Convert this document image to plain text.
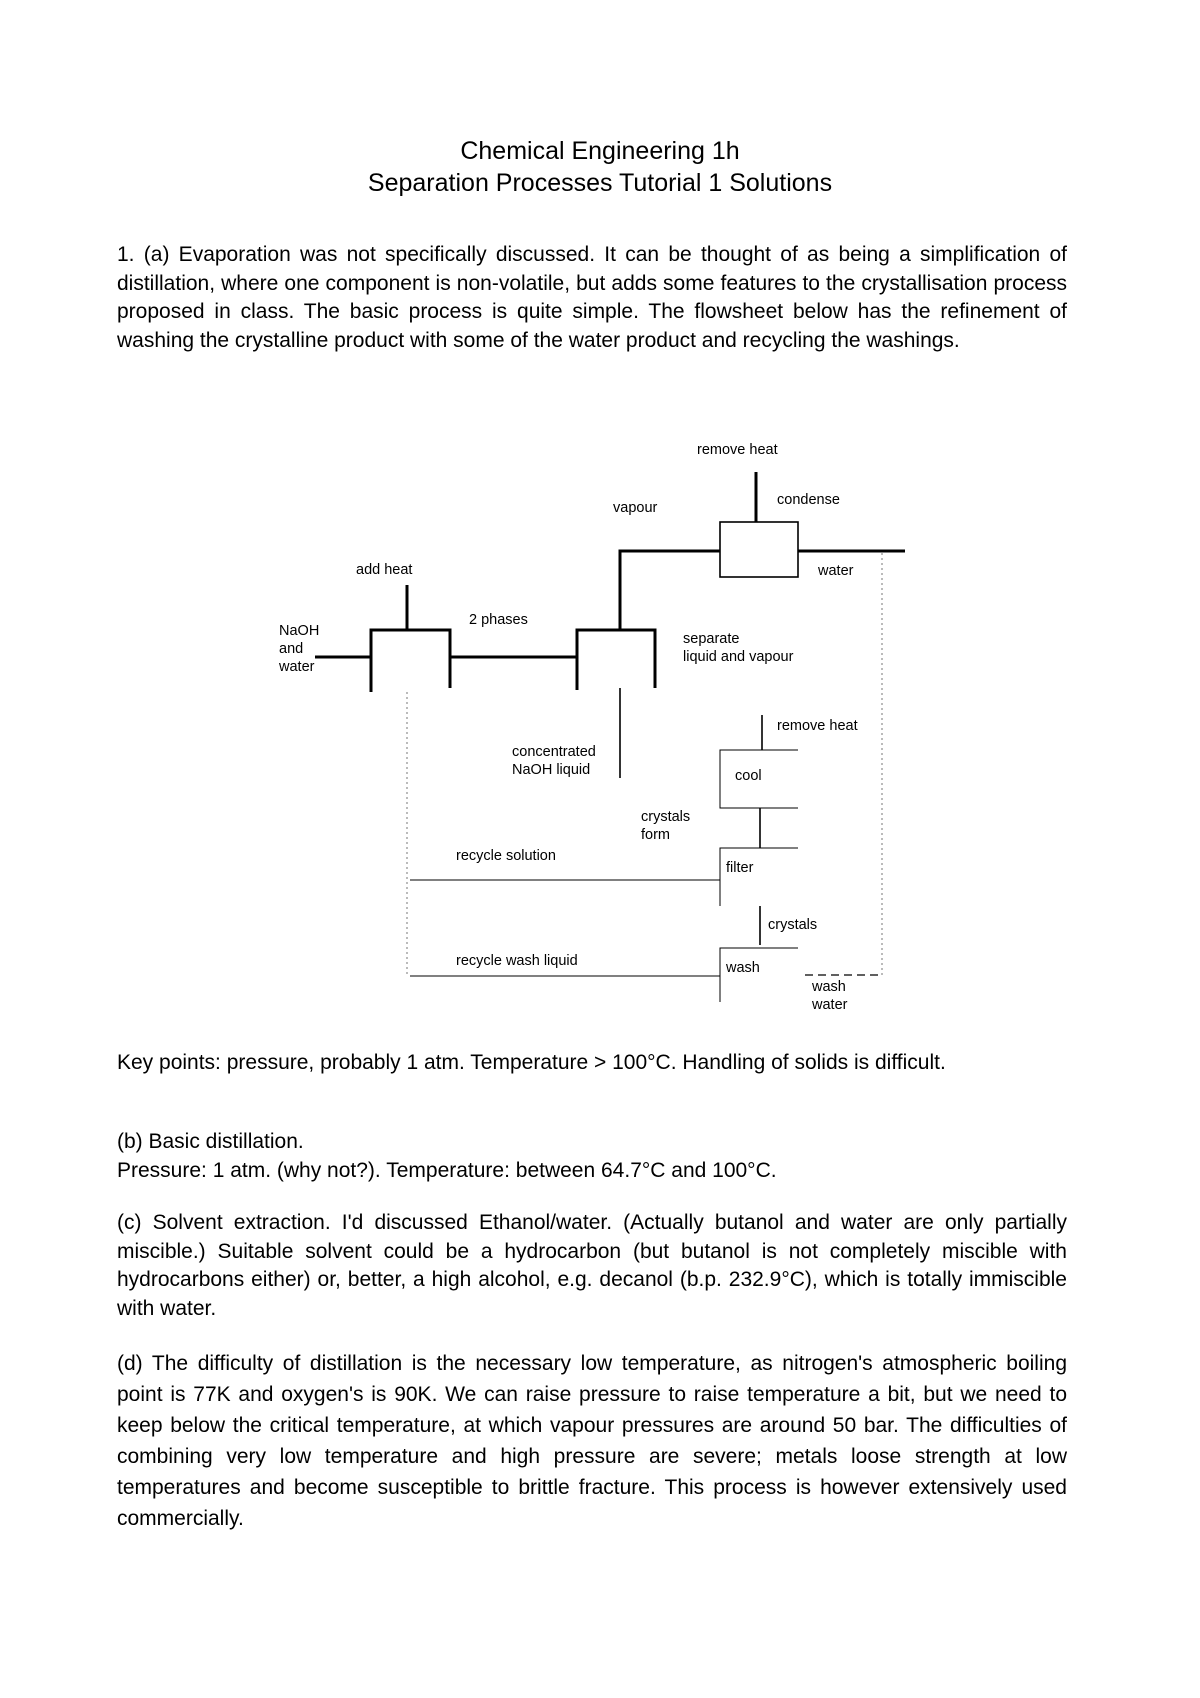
Chemical Engineering 1h
Separation Processes Tutorial 1 Solutions

1. (a) Evaporation was not specifically discussed. It can be thought of as being a simplification of distillation, where one component is non-volatile, but adds some features to the crystallisation process proposed in class. The basic process is quite simple. The flowsheet below has the refinement of washing the crystalline product with some of the water product and recycling the washings.

remove heat
condense
vapour
water
add heat
2 phases
NaOH
and
water
separate
liquid and vapour
remove heat
concentrated
NaOH liquid	cool
crystals
form
recycle solution
filter
crystals
recycle wash liquid	wash
wash
water

Key points: pressure, probably 1 atm. Temperature > 100°C. Handling of solids is difficult.

(b) Basic distillation.

Pressure: 1 atm. (why not?). Temperature: between 64.7°C and 100°C.

(c) Solvent extraction. I'd discussed Ethanol/water. (Actually butanol and water are only partially miscible.) Suitable solvent could be a hydrocarbon (but butanol is not completely miscible with hydrocarbons either) or, better, a high alcohol, e.g. decanol (b.p. 232.9°C), which is totally immiscible with water.

(d) The difficulty of distillation is the necessary low temperature, as nitrogen's atmospheric boiling point is 77K and oxygen's is 90K. We can raise pressure to raise temperature a bit, but we need to keep below the critical temperature, at which vapour pressures are around 50 bar. The difficulties of combining very low temperature and high pressure are severe; metals loose strength at low temperatures and become susceptible to brittle fracture. This process is however extensively used commercially.
